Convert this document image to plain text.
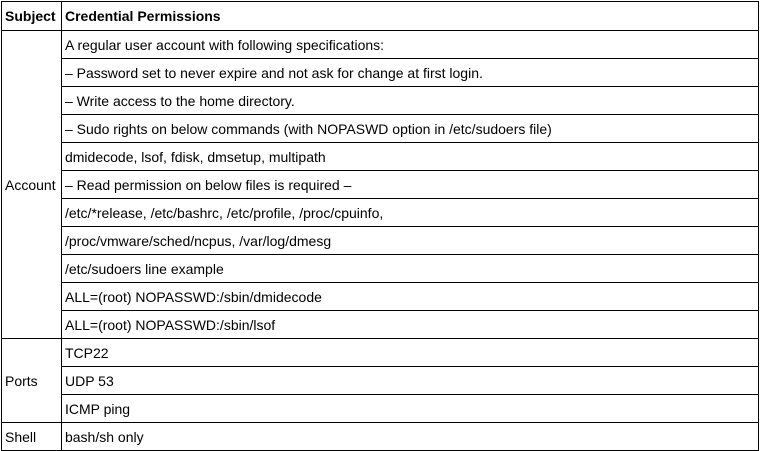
Subject	Credential Permissions
Account	A regular user account with following specifications:
	– Password set to never expire and not ask for change at first login.
	– Write access to the home directory.
	– Sudo rights on below commands (with NOPASWD option in /etc/sudoers file)
	dmidecode, lsof, fdisk, dmsetup, multipath
	– Read permission on below files is required –
	/etc/*release, /etc/bashrc, /etc/profile, /proc/cpuinfo,
	/proc/vmware/sched/ncpus, /var/log/dmesg
	/etc/sudoers line example
	ALL=(root) NOPASSWD:/sbin/dmidecode
	ALL=(root) NOPASSWD:/sbin/lsof
Ports	TCP22
	UDP 53
	ICMP ping
Shell	bash/sh only
